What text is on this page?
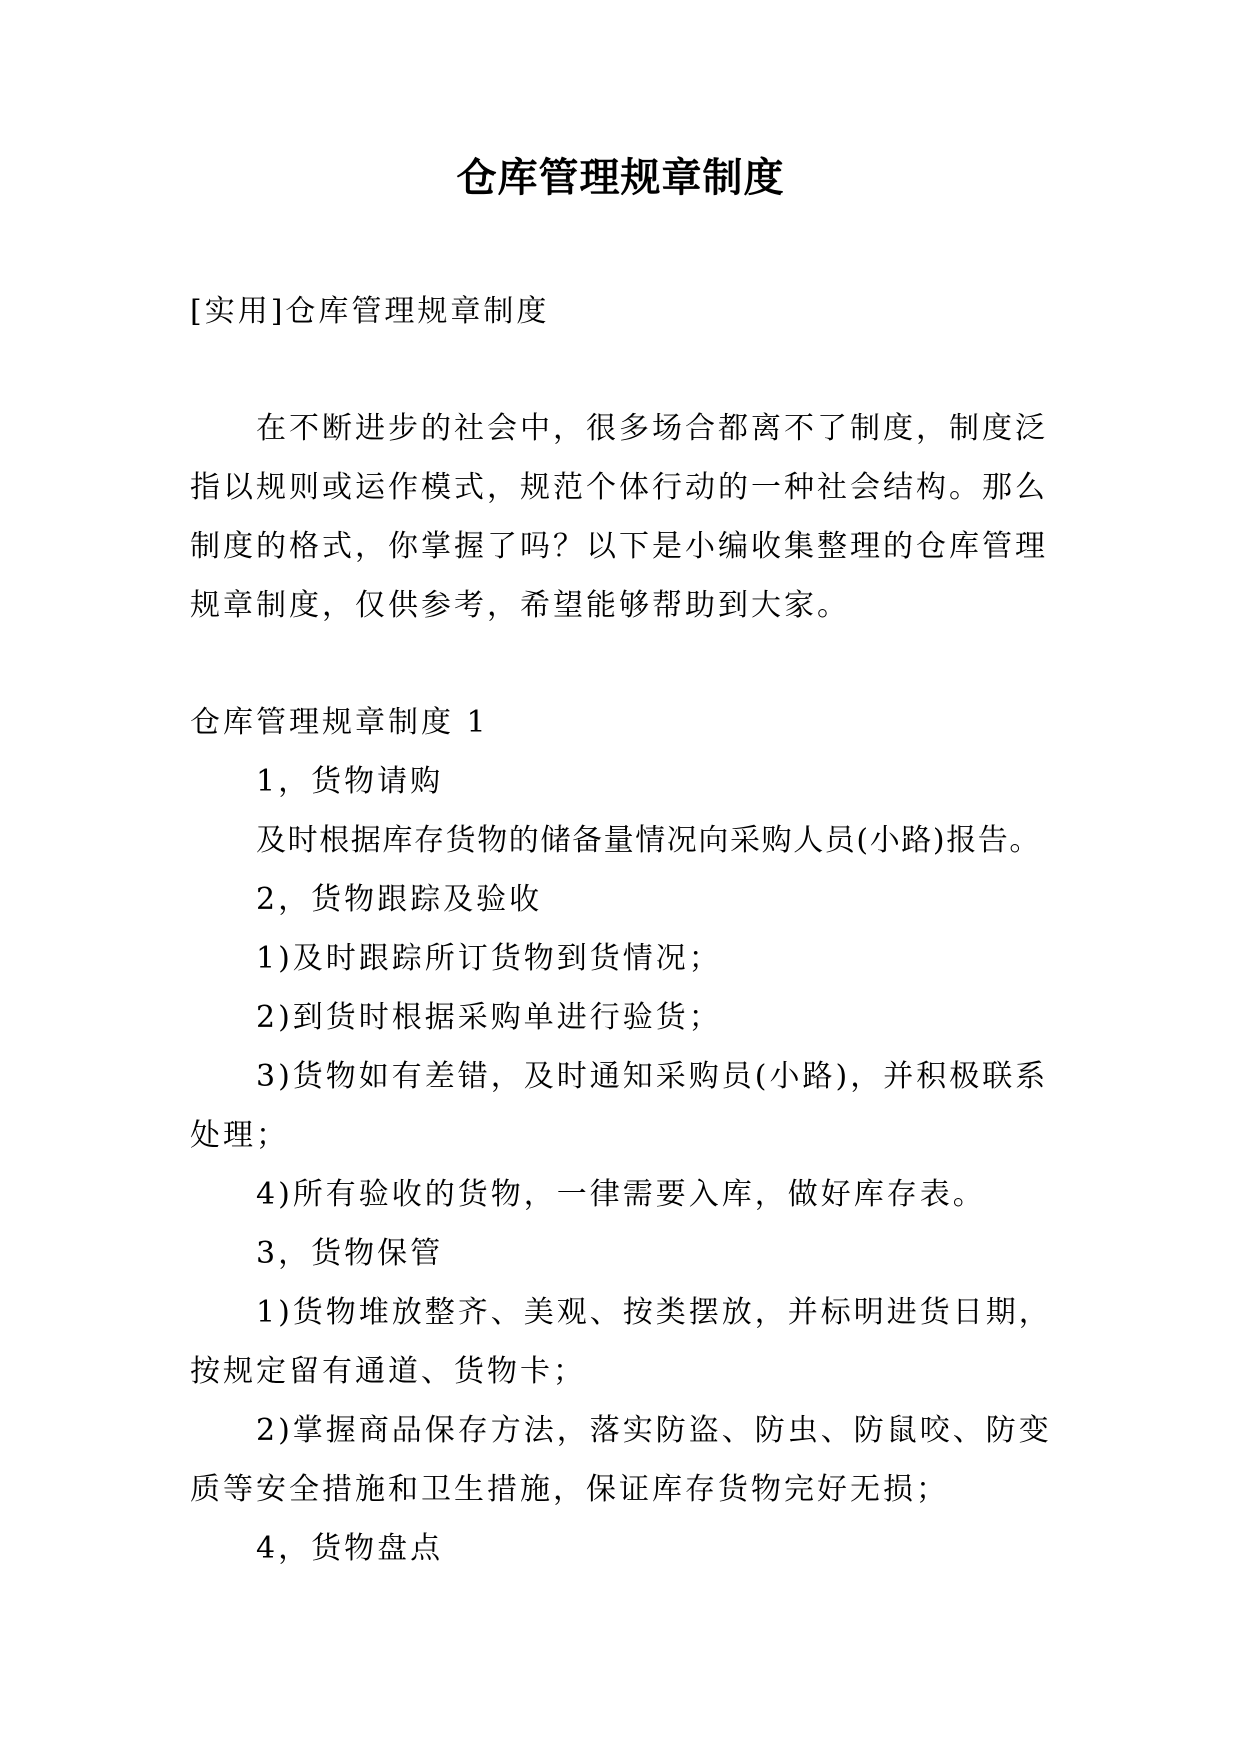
仓库管理规章制度
[实用]仓库管理规章制度
在不断进步的社会中，很多场合都离不了制度，制度泛
指以规则或运作模式，规范个体行动的一种社会结构。那么
制度的格式，你掌握了吗？以下是小编收集整理的仓库管理
规章制度，仅供参考，希望能够帮助到大家。
仓库管理规章制度 1
1，货物请购
及时根据库存货物的储备量情况向采购人员(小路)报告。
2，货物跟踪及验收
1)及时跟踪所订货物到货情况；
2)到货时根据采购单进行验货；
3)货物如有差错，及时通知采购员(小路)，并积极联系
处理；
4)所有验收的货物，一律需要入库，做好库存表。
3，货物保管
1)货物堆放整齐、美观、按类摆放，并标明进货日期，
按规定留有通道、货物卡；
2)掌握商品保存方法，落实防盗、防虫、防鼠咬、防变
质等安全措施和卫生措施，保证库存货物完好无损；
4，货物盘点
